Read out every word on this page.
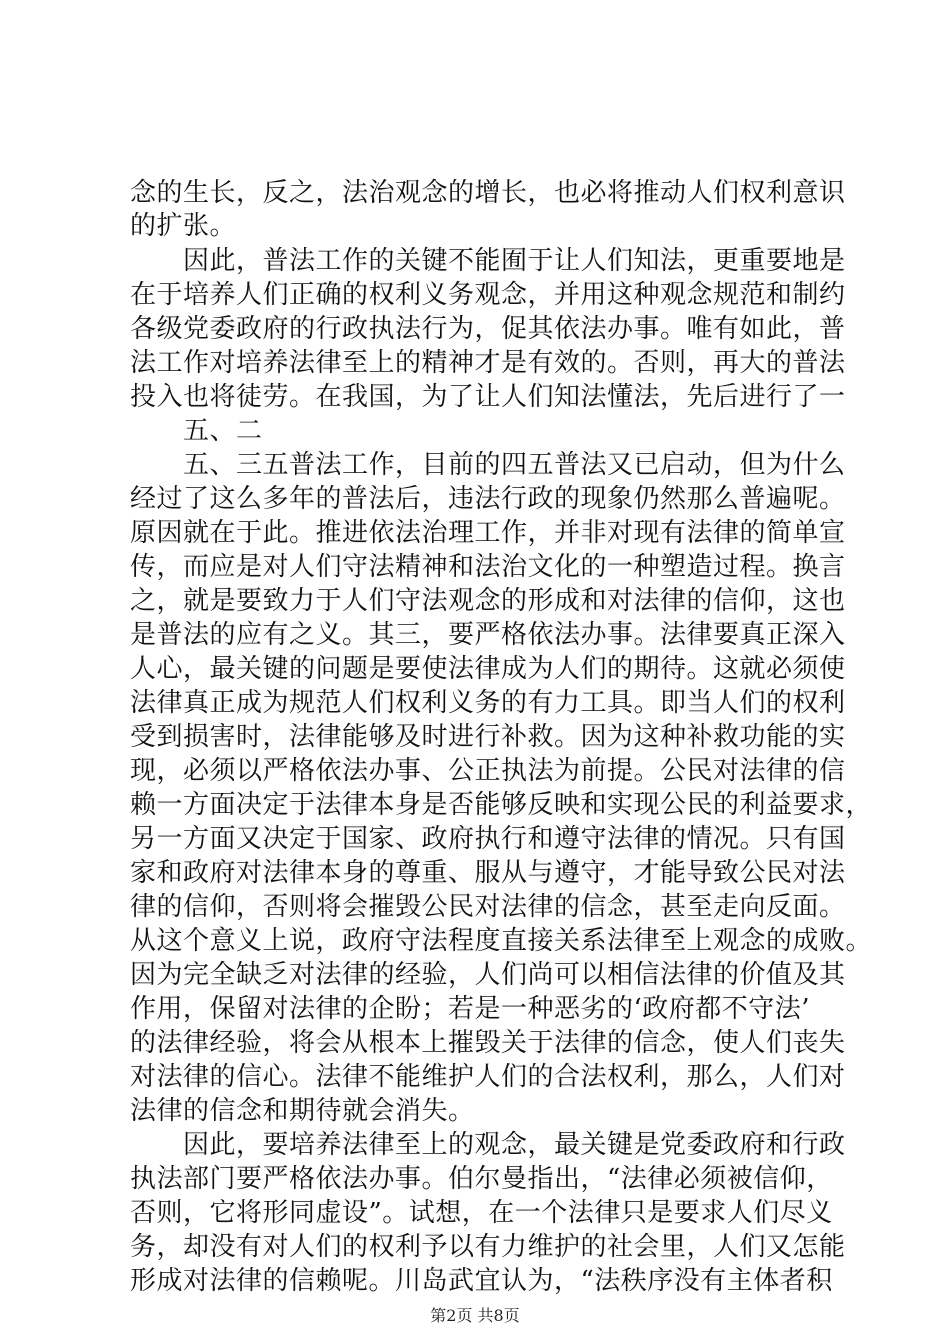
念的生长，反之，法治观念的增长，也必将推动人们权利意识
的扩张。
　　因此，普法工作的关键不能囿于让人们知法，更重要地是
在于培养人们正确的权利义务观念，并用这种观念规范和制约
各级党委政府的行政执法行为，促其依法办事。唯有如此，普
法工作对培养法律至上的精神才是有效的。否则，再大的普法
投入也将徒劳。在我国，为了让人们知法懂法，先后进行了一
　　五、二
　　五、三五普法工作，目前的四五普法又已启动，但为什么
经过了这么多年的普法后，违法行政的现象仍然那么普遍呢。
原因就在于此。推进依法治理工作，并非对现有法律的简单宣
传，而应是对人们守法精神和法治文化的一种塑造过程。换言
之，就是要致力于人们守法观念的形成和对法律的信仰，这也
是普法的应有之义。其三，要严格依法办事。法律要真正深入
人心，最关键的问题是要使法律成为人们的期待。这就必须使
法律真正成为规范人们权利义务的有力工具。即当人们的权利
受到损害时，法律能够及时进行补救。因为这种补救功能的实
现，必须以严格依法办事、公正执法为前提。公民对法律的信
赖一方面决定于法律本身是否能够反映和实现公民的利益要求，
另一方面又决定于国家、政府执行和遵守法律的情况。只有国
家和政府对法律本身的尊重、服从与遵守，才能导致公民对法
律的信仰，否则将会摧毁公民对法律的信念，甚至走向反面。
从这个意义上说，政府守法程度直接关系法律至上观念的成败。
因为完全缺乏对法律的经验，人们尚可以相信法律的价值及其
作用，保留对法律的企盼；若是一种恶劣的‘政府都不守法’
的法律经验，将会从根本上摧毁关于法律的信念，使人们丧失
对法律的信心。法律不能维护人们的合法权利，那么，人们对
法律的信念和期待就会消失。
　　因此，要培养法律至上的观念，最关键是党委政府和行政
执法部门要严格依法办事。伯尔曼指出，“法律必须被信仰，
否则，它将形同虚设”。试想，在一个法律只是要求人们尽义
务，却没有对人们的权利予以有力维护的社会里，人们又怎能
形成对法律的信赖呢。川岛武宜认为，“法秩序没有主体者积
第2页 共8页
